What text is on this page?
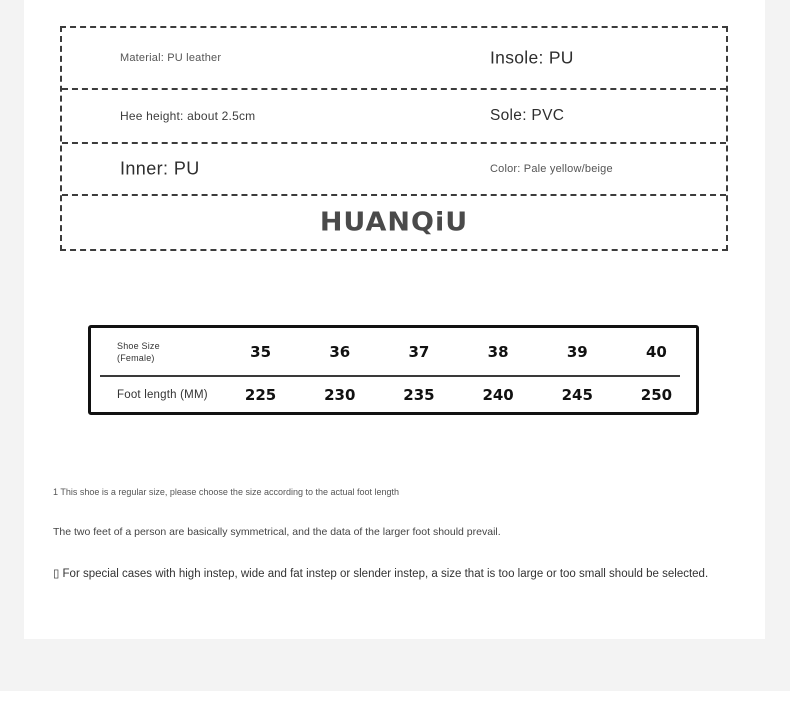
Material: PU leather	Insole: PU
Hee height: about 2.5cm	Sole: PVC
Inner: PU	Color: Pale yellow/beige
HUANQiU
Shoe Size
(Female)	35	36	37	38	39	40
Foot length (MM)	225	230	235	240	245	250
1 This shoe is a regular size, please choose the size according to the actual foot length
The two feet of a person are basically symmetrical, and the data of the larger foot should prevail.
▯ For special cases with high instep, wide and fat instep or slender instep, a size that is too large or too small should be selected.
